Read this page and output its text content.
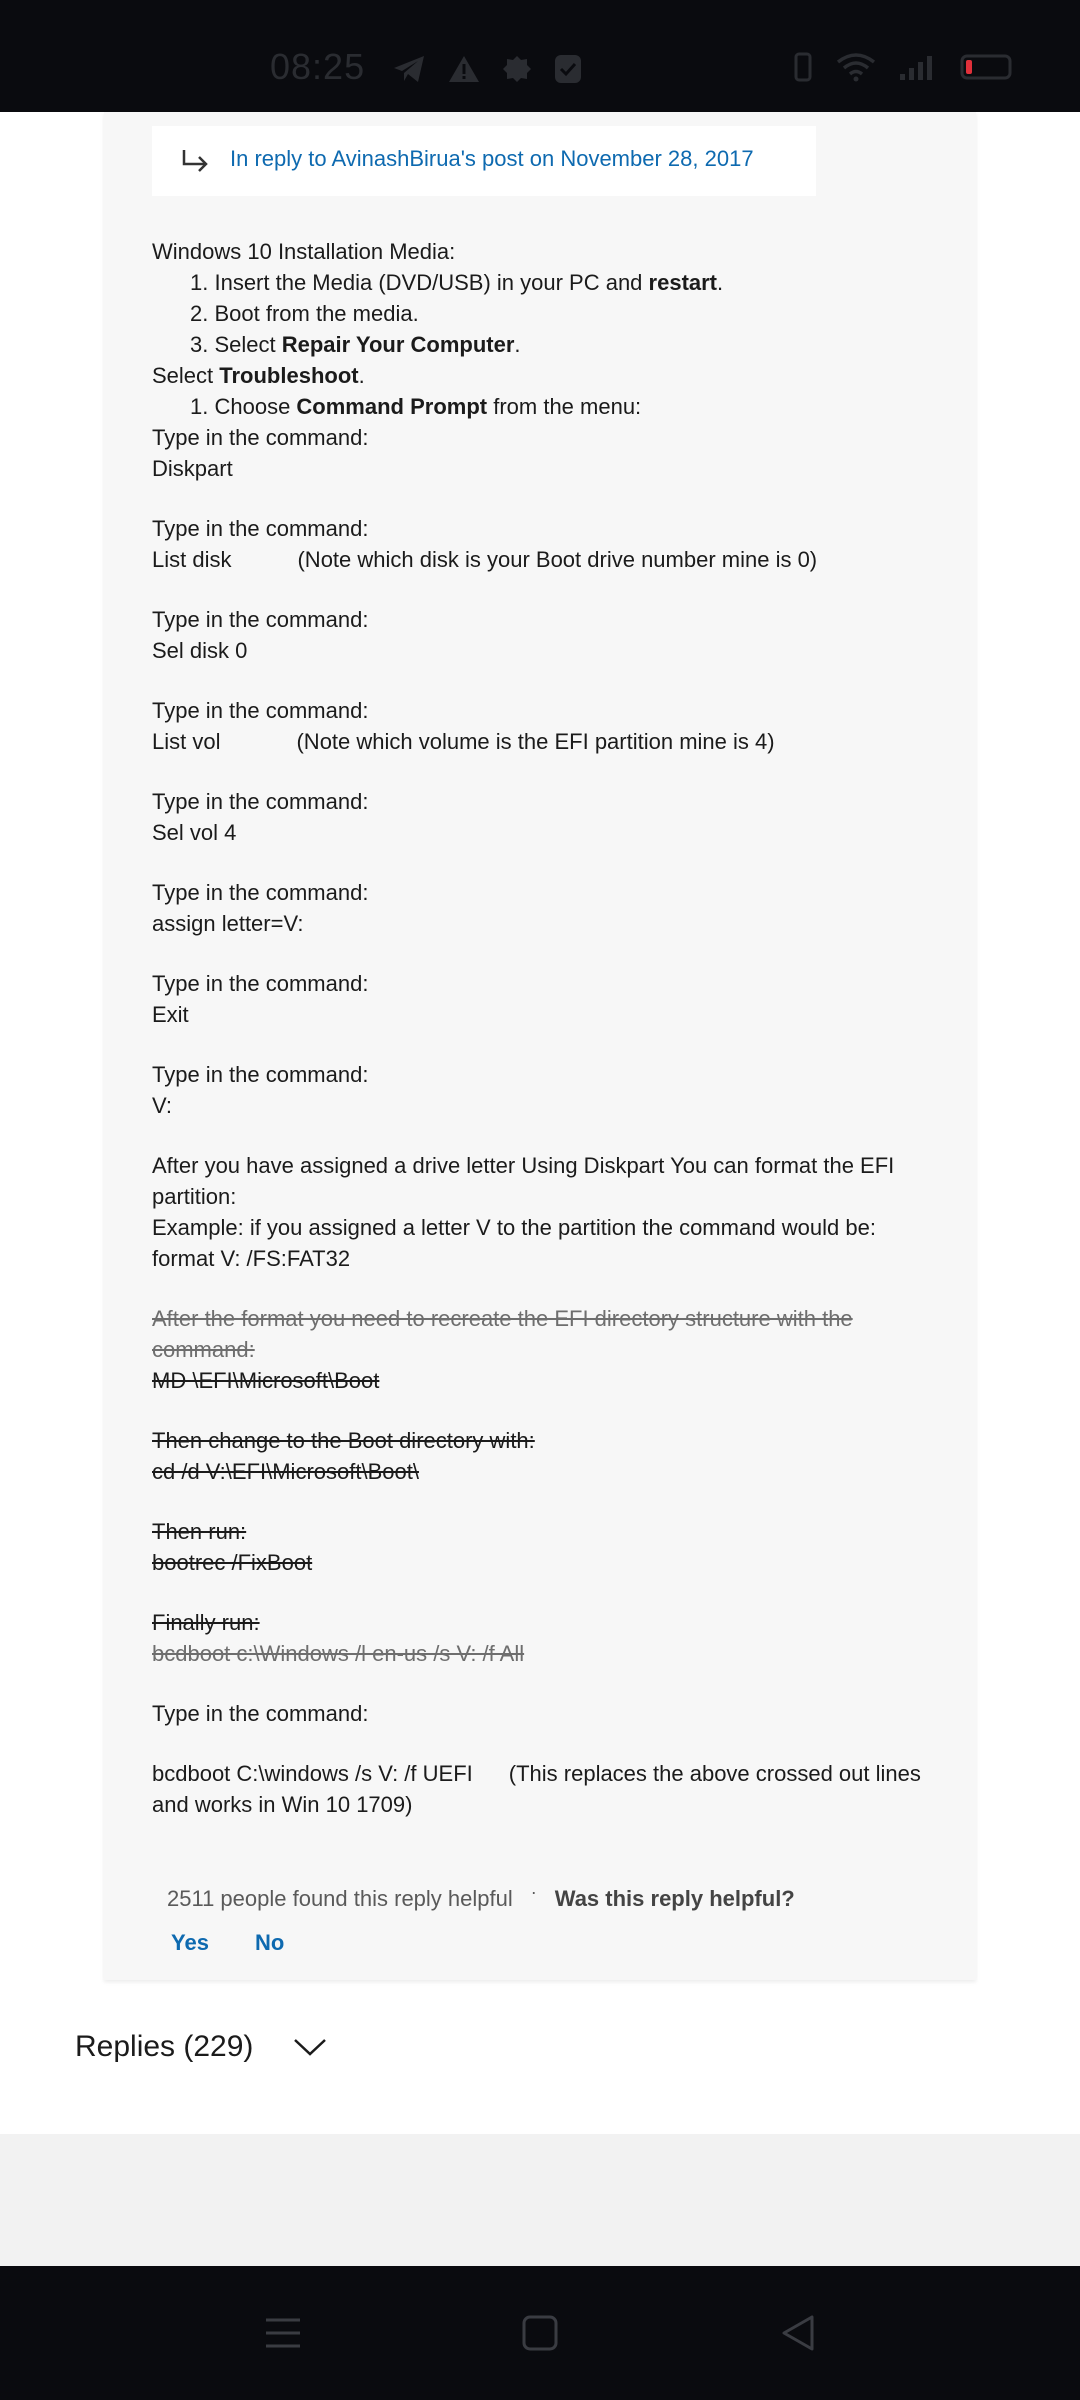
08:25
In reply to AvinashBirua's post on November 28, 2017

Windows 10 Installation Media:

1. Insert the Media (DVD/USB) in your PC and restart.
2. Boot from the media.
3. Select Repair Your Computer.

Select Troubleshoot.

1. Choose Command Prompt from the menu:

Type in the command:

Diskpart

Type in the command:

List disk	(Note which disk is your Boot drive number mine is 0)

Type in the command:

Sel disk 0

Type in the command:

List vol	(Note which volume is the EFI partition mine is 4)

Type in the command:

Sel vol 4

Type in the command:

assign letter=V:

Type in the command:

Exit

Type in the command:

V:

After you have assigned a drive letter Using Diskpart You can format the EFI partition:

Example: if you assigned a letter V to the partition the command would be:

format V: /FS:FAT32

After the format you need to recreate the EFI directory structure with the command:

MD \EFI\Microsoft\Boot

Then change to the Boot directory with:

cd /d V:\EFI\Microsoft\Boot\

Then run:

bootrec /FixBoot

Finally run:

bcdboot c:\Windows /l en-us /s V: /f All

Type in the command:

bcdboot C:\windows /s V: /f UEFI (This replaces the above crossed out lines and works in Win 10 1709)

2511 people found this reply helpful · Was this reply helpful?
Yes No
Replies (229)
